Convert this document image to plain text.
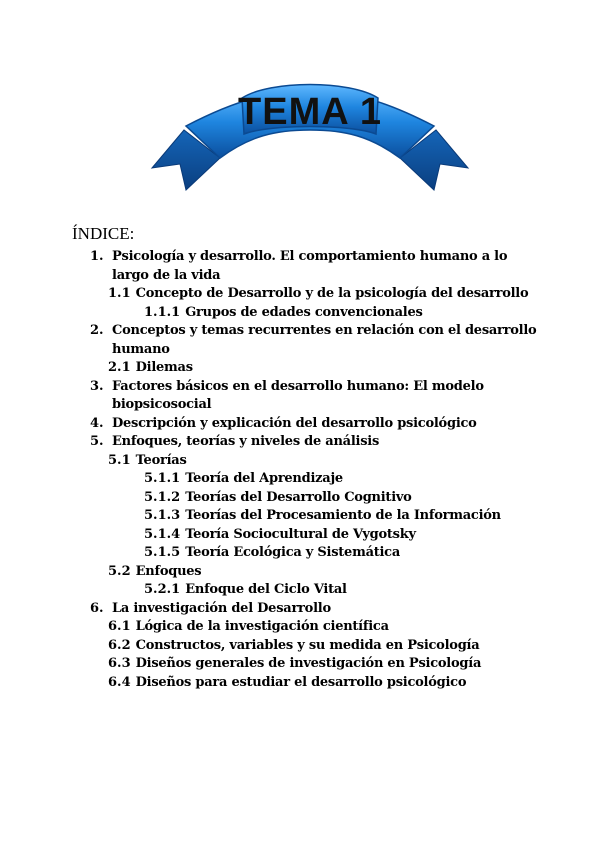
TEMA 1
ÍNDICE:
1. Psicología y desarrollo. El comportamiento humano a lo largo de la vida
1.1 Concepto de Desarrollo y de la psicología del desarrollo
1.1.1 Grupos de edades convencionales
2. Conceptos y temas recurrentes en relación con el desarrollo humano
2.1 Dilemas
3. Factores básicos en el desarrollo humano: El modelo biopsicosocial
4. Descripción y explicación del desarrollo psicológico
5. Enfoques, teorías y niveles de análisis
5.1 Teorías
5.1.1 Teoría del Aprendizaje
5.1.2 Teorías del Desarrollo Cognitivo
5.1.3 Teorías del Procesamiento de la Información
5.1.4 Teoría Sociocultural de Vygotsky
5.1.5 Teoría Ecológica y Sistemática
5.2 Enfoques
5.2.1 Enfoque del Ciclo Vital
6. La investigación del Desarrollo
6.1 Lógica de la investigación científica
6.2 Constructos, variables y su medida en Psicología
6.3 Diseños generales de investigación en Psicología
6.4 Diseños para estudiar el desarrollo psicológico
